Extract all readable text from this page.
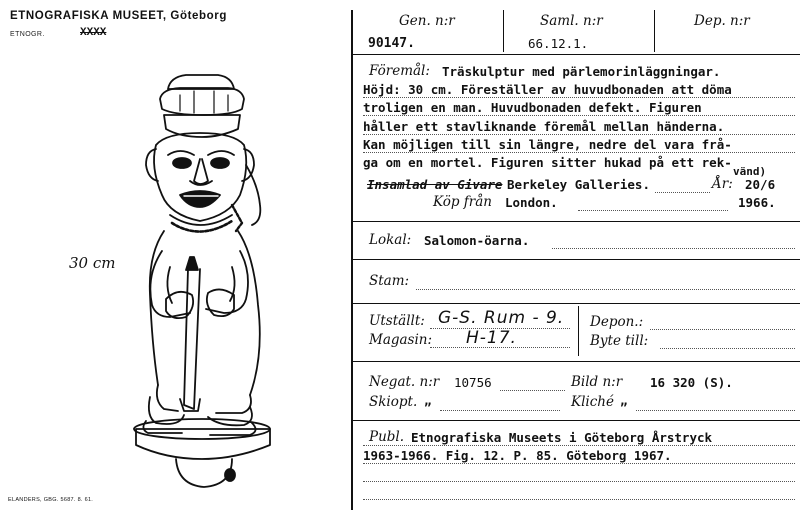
ETNOGRAFISKA MUSEET, Göteborg
ETNOGR.	XXXX
30 cm
ELANDERS, GBG. 5687. 8. 61.
Gen. n:r
90147.
Saml. n:r
66.12.1.
Dep. n:r
Föremål: Träskulptur med pärlemorinläggningar.
Höjd: 30 cm. Föreställer av huvudbonaden att döma
troligen en man. Huvudbonaden defekt. Figuren
håller ett stavliknande föremål mellan händerna.
Kan möjligen till sin längre, nedre del vara frå-
ga om en mortel. Figuren sitter hukad på ett rek-
vänd)
Insamlad av Givare Berkeley Galleries.	År: 20/6
Köp från London.	1966.
Lokal: Salomon-öarna.
Stam:
Utställt: G-S. Rum - 9.
Magasin: H-17.
Depon.:
Byte till:
Negat. n:r 10756	Bild n:r 16 320 (S).
Skiopt. „	Kliché „
Publ. Etnografiska Museets i Göteborg Årstryck
1963-1966. Fig. 12. P. 85. Göteborg 1967.
